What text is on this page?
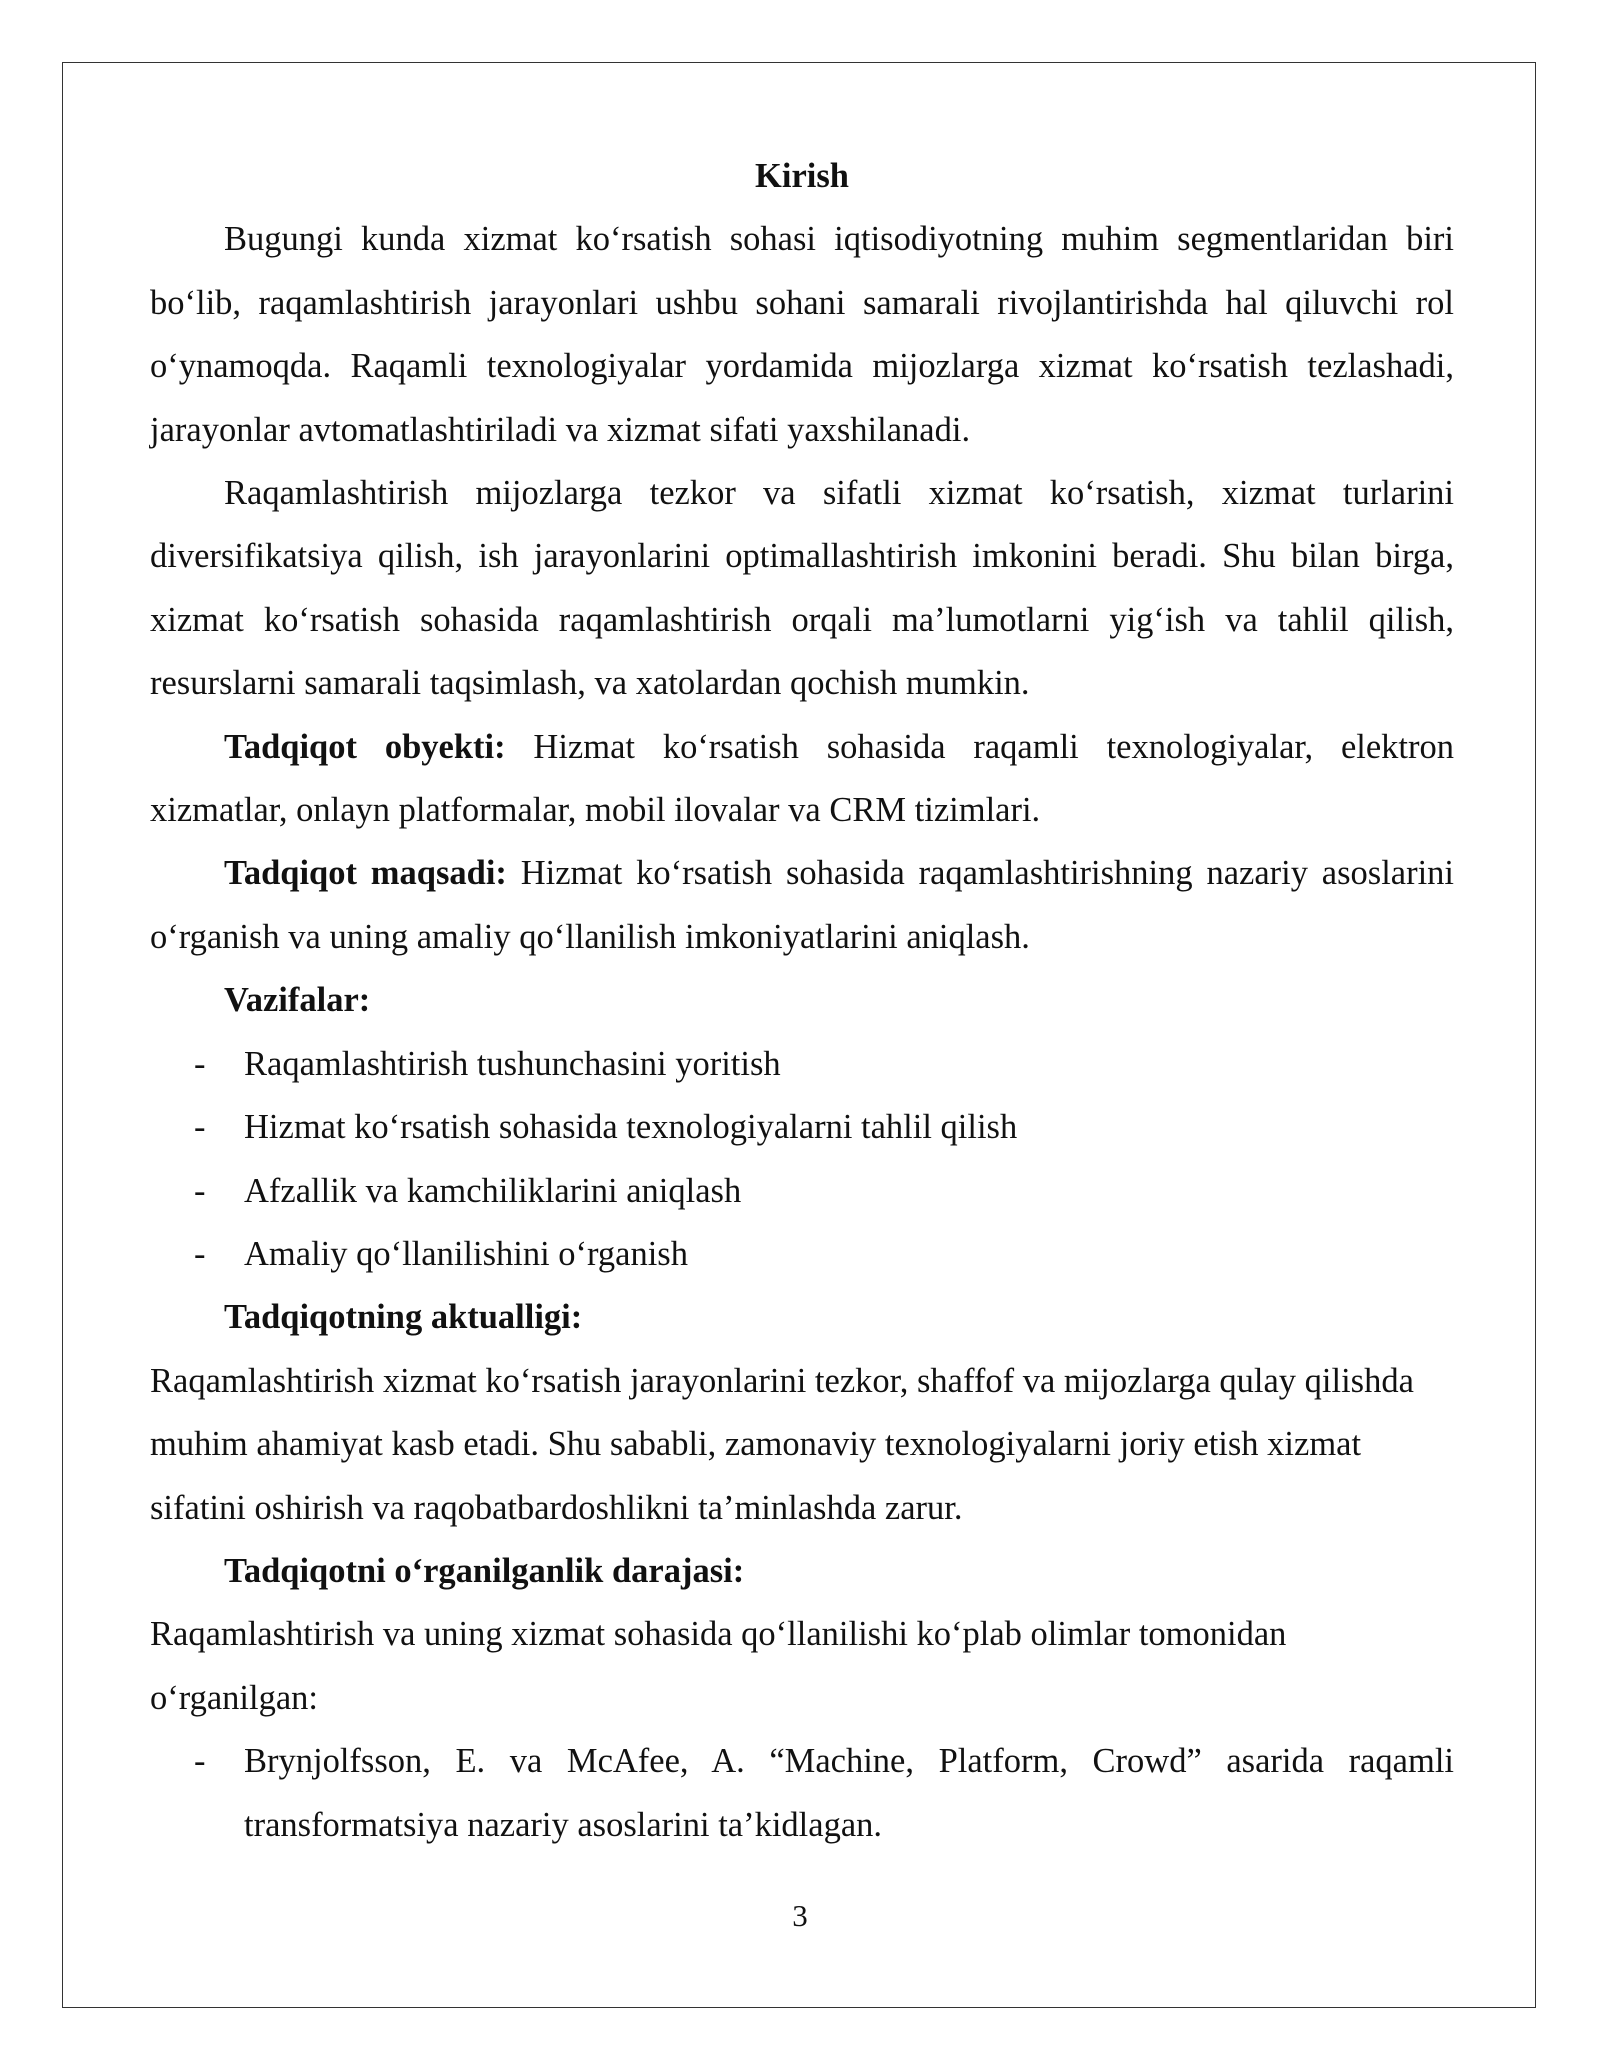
Kirish

Bugungi kunda xizmat ko‘rsatish sohasi iqtisodiyotning muhim segmentlaridan biri bo‘lib, raqamlashtirish jarayonlari ushbu sohani samarali rivojlantirishda hal qiluvchi rol o‘ynamoqda. Raqamli texnologiyalar yordamida mijozlarga xizmat ko‘rsatish tezlashadi, jarayonlar avtomatlashtiriladi va xizmat sifati yaxshilanadi.

Raqamlashtirish mijozlarga tezkor va sifatli xizmat ko‘rsatish, xizmat turlarini diversifikatsiya qilish, ish jarayonlarini optimallashtirish imkonini beradi. Shu bilan birga, xizmat ko‘rsatish sohasida raqamlashtirish orqali ma’lumotlarni yig‘ish va tahlil qilish, resurslarni samarali taqsimlash, va xatolardan qochish mumkin.

Tadqiqot obyekti: Hizmat ko‘rsatish sohasida raqamli texnologiyalar, elektron xizmatlar, onlayn platformalar, mobil ilovalar va CRM tizimlari.

Tadqiqot maqsadi: Hizmat ko‘rsatish sohasida raqamlashtirishning nazariy asoslarini o‘rganish va uning amaliy qo‘llanilish imkoniyatlarini aniqlash.

Vazifalar:

- Raqamlashtirish tushunchasini yoritish
- Hizmat ko‘rsatish sohasida texnologiyalarni tahlil qilish
- Afzallik va kamchiliklarini aniqlash
- Amaliy qo‘llanilishini o‘rganish

Tadqiqotning aktualligi:

Raqamlashtirish xizmat ko‘rsatish jarayonlarini tezkor, shaffof va mijozlarga qulay qilishda muhim ahamiyat kasb etadi. Shu sababli, zamonaviy texnologiyalarni joriy etish xizmat sifatini oshirish va raqobatbardoshlikni ta’minlashda zarur.

Tadqiqotni o‘rganilganlik darajasi:

Raqamlashtirish va uning xizmat sohasida qo‘llanilishi ko‘plab olimlar tomonidan o‘rganilgan:

- Brynjolfsson, E. va McAfee, A. “Machine, Platform, Crowd” asarida raqamli transformatsiya nazariy asoslarini ta’kidlagan.
3
